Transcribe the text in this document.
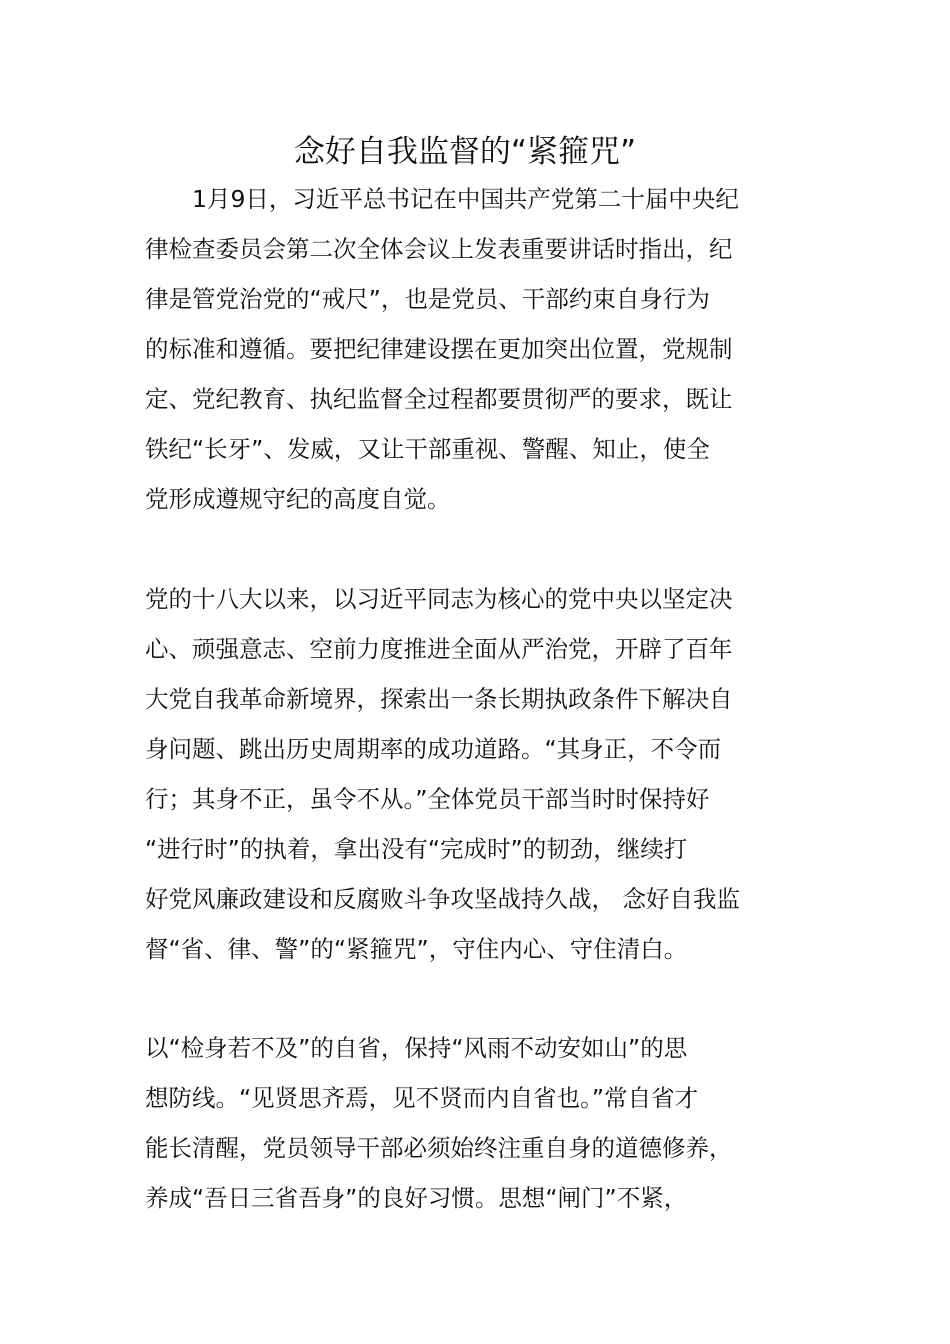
念好自我监督的“紧箍咒”
　　1月9日，习近平总书记在中国共产党第二十届中央纪
律检查委员会第二次全体会议上发表重要讲话时指出，纪
律是管党治党的“戒尺”，也是党员、干部约束自身行为
的标准和遵循。要把纪律建设摆在更加突出位置，党规制
定、党纪教育、执纪监督全过程都要贯彻严的要求，既让
铁纪“长牙”、发威，又让干部重视、警醒、知止，使全
党形成遵规守纪的高度自觉。
党的十八大以来，以习近平同志为核心的党中央以坚定决
心、顽强意志、空前力度推进全面从严治党，开辟了百年
大党自我革命新境界，探索出一条长期执政条件下解决自
身问题、跳出历史周期率的成功道路。“其身正，不令而
行；其身不正，虽令不从。”全体党员干部当时时保持好
“进行时”的执着，拿出没有“完成时”的韧劲，继续打
好党风廉政建设和反腐败斗争攻坚战持久战， 念好自我监
督“省、律、警”的“紧箍咒”，守住内心、守住清白。
以“检身若不及”的自省，保持“风雨不动安如山”的思
想防线。“见贤思齐焉，见不贤而内自省也。”常自省才
能长清醒，党员领导干部必须始终注重自身的道德修养，
养成“吾日三省吾身”的良好习惯。思想“闸门”不紧，
